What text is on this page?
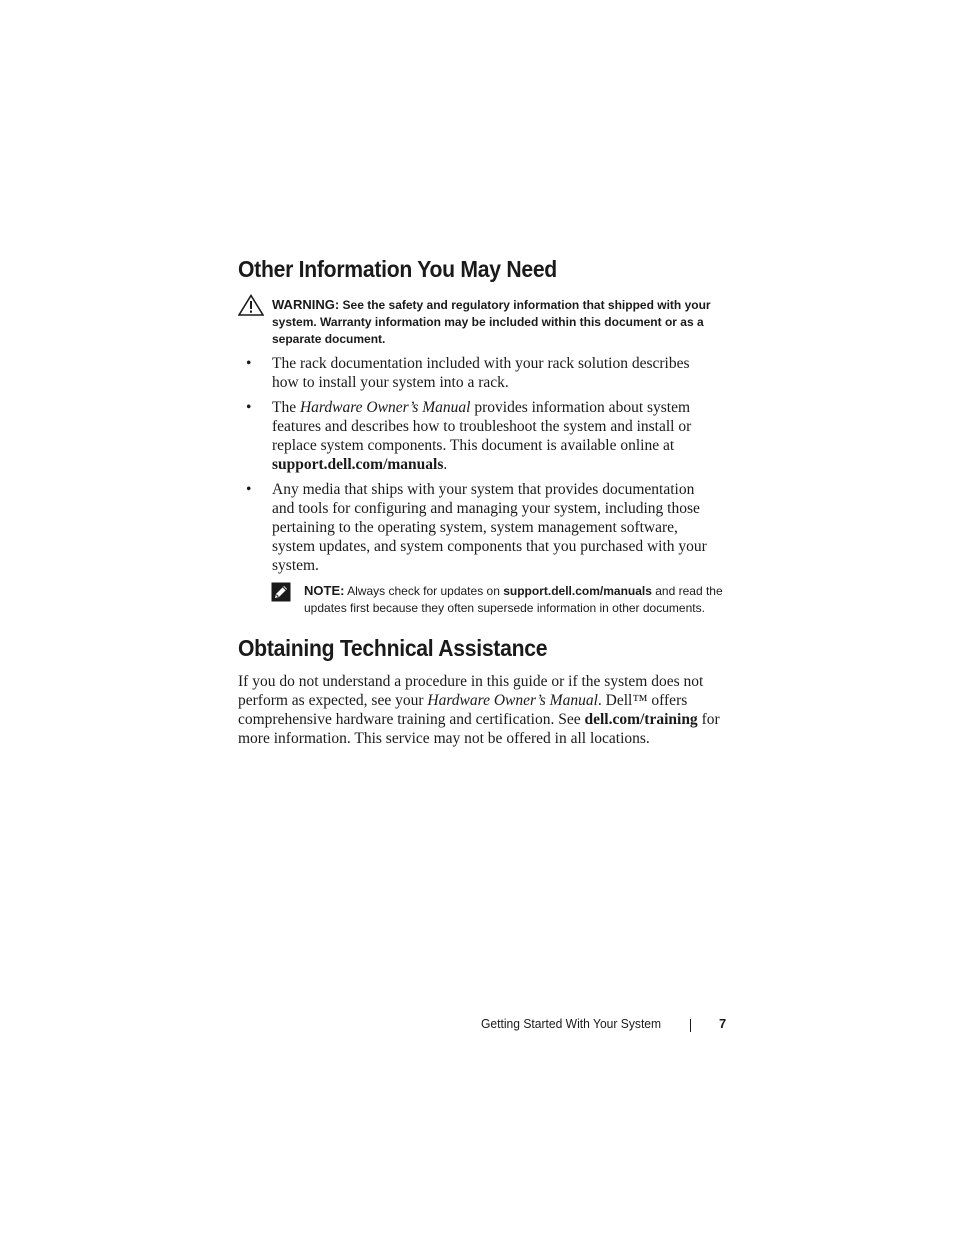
Other Information You May Need
WARNING: See the safety and regulatory information that shipped with your system. Warranty information may be included within this document or as a separate document.
• The rack documentation included with your rack solution describes how to install your system into a rack.
• The Hardware Owner’s Manual provides information about system features and describes how to troubleshoot the system and install or replace system components. This document is available online at support.dell.com/manuals.
• Any media that ships with your system that provides documentation and tools for configuring and managing your system, including those pertaining to the operating system, system management software, system updates, and system components that you purchased with your system.
NOTE: Always check for updates on support.dell.com/manuals and read the updates first because they often supersede information in other documents.
Obtaining Technical Assistance

If you do not understand a procedure in this guide or if the system does not perform as expected, see your Hardware Owner’s Manual. Dell™ offers comprehensive hardware training and certification. See dell.com/training for more information. This service may not be offered in all locations.

Getting Started With Your System	7
